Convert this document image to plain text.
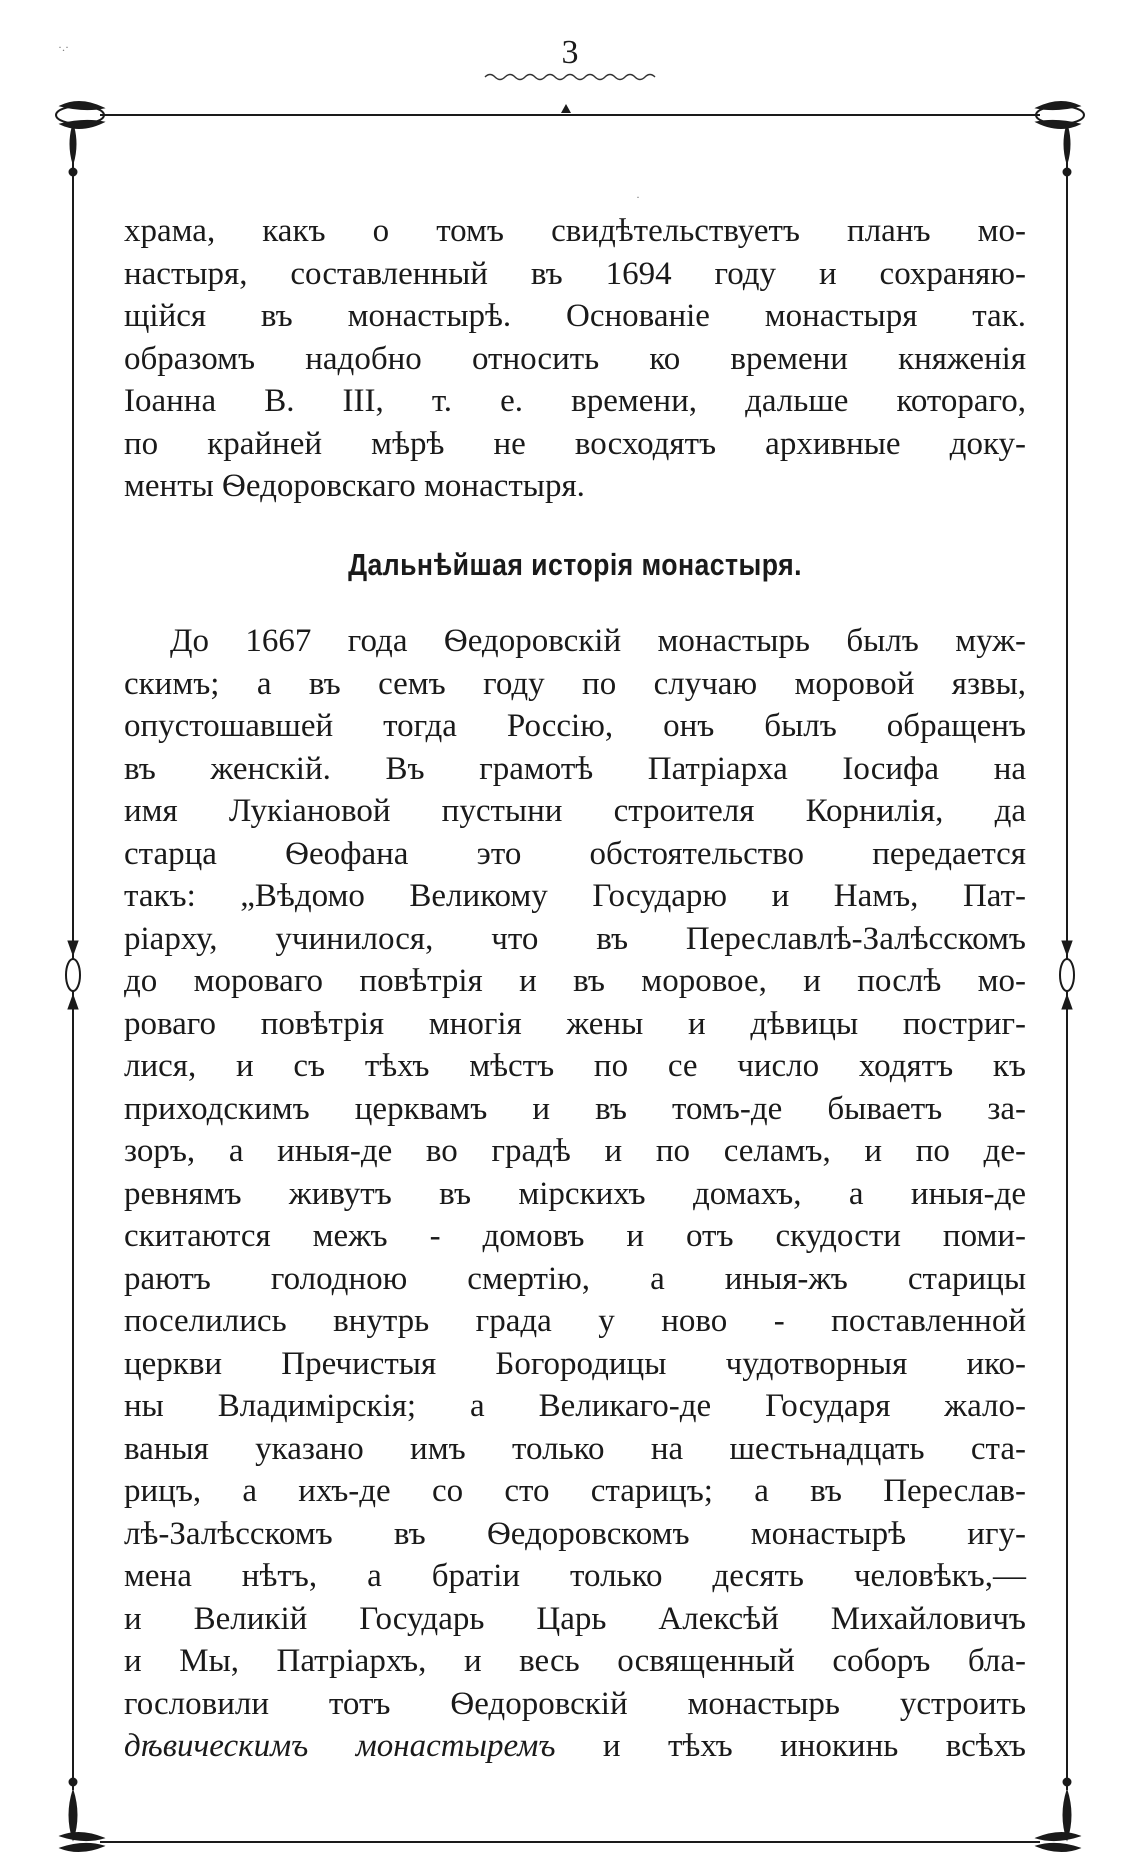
3
·.·
·
храма, какъ о томъ свидѣтельствуетъ планъ мо-
настыря, составленный въ 1694 году и сохраняю-
щійся въ монастырѣ. Основаніе монастыря так.
образомъ надобно относить ко времени княженія
Іоанна В. III, т. е. времени, дальше котораго,
по крайней мѣрѣ не восходятъ архивные доку-
менты Ѳедоровскаго монастыря.
Дальнѣйшая исторія монастыря.
До 1667 года Ѳедоровскій монастырь былъ муж-
скимъ; а въ семъ году по случаю моровой язвы,
опустошавшей тогда Россію, онъ былъ обращенъ
въ женскій. Въ грамотѣ Патріарха Іосифа на
имя Лукіановой пустыни строителя Корнилія, да
старца Ѳеофана это обстоятельство передается
такъ: „Вѣдомо Великому Государю и Намъ, Пат-
ріарху, учинилося, что въ Переславлѣ-Залѣсскомъ
до мороваго повѣтрія и въ моровое, и послѣ мо-
роваго повѣтрія многія жены и дѣвицы постриг-
лися, и съ тѣхъ мѣстъ по се число ходятъ къ
приходскимъ церквамъ и въ томъ-де бываетъ за-
зоръ, а иныя-де во градѣ и по селамъ, и по де-
ревнямъ живутъ въ мірскихъ домахъ, а иныя-де
скитаются межъ - домовъ и отъ скудости поми-
раютъ голодною смертію, а иныя-жъ старицы
поселились внутрь града у ново - поставленной
церкви Пречистыя Богородицы чудотворныя ико-
ны Владимірскія; а Великаго-де Государя жало-
ваныя указано имъ только на шестьнадцать ста-
рицъ, а ихъ-де со сто старицъ; а въ Переслав-
лѣ-Залѣсскомъ въ Ѳедоровскомъ монастырѣ игу-
мена нѣтъ, а братіи только десять человѣкъ,—
и Великій Государь Царь Алексѣй Михайловичъ
и Мы, Патріархъ, и весь освященный соборъ бла-
гословили тотъ Ѳедоровскій монастырь устроить
дѣвическимъ монастыремъ и тѣхъ инокинь всѣхъ
